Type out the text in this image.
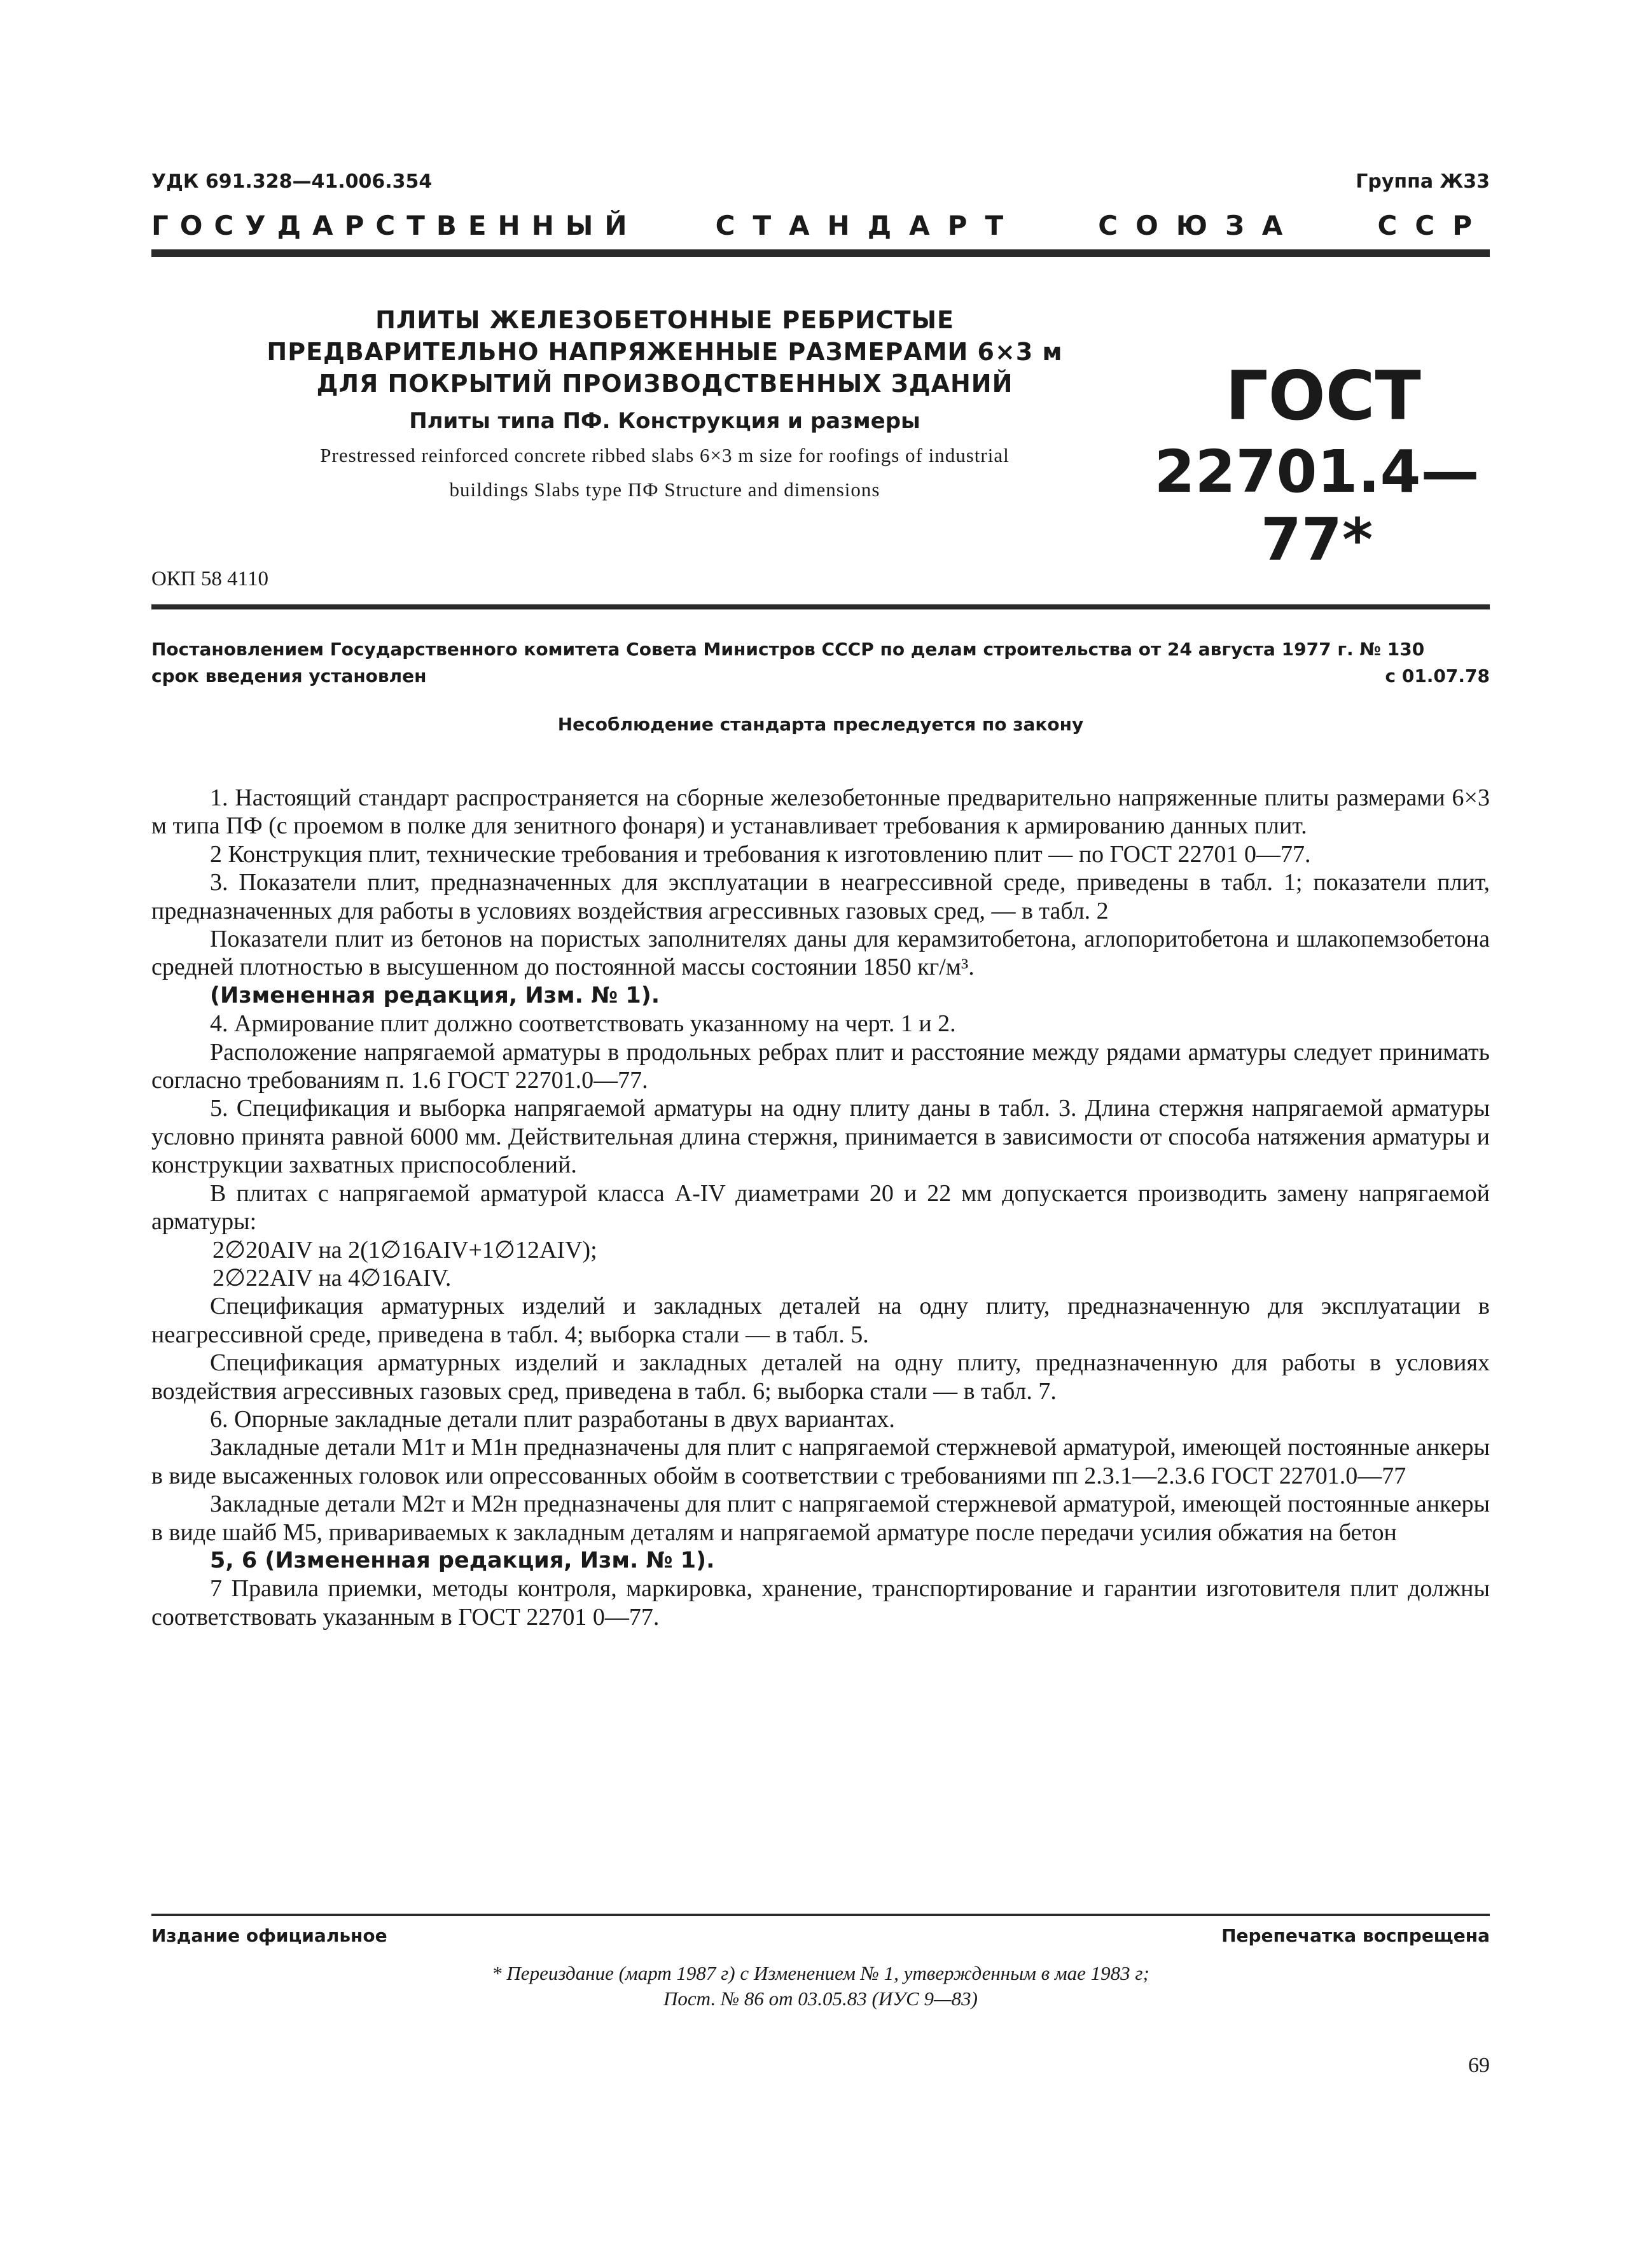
УДК 691.328—41.006.354	Группа Ж33
ГОСУДАРСТВЕННЫЙ	СТАНДАРТ	СОЮЗА	ССР
ПЛИТЫ ЖЕЛЕЗОБЕТОННЫЕ РЕБРИСТЫЕ
ПРЕДВАРИТЕЛЬНО НАПРЯЖЕННЫЕ РАЗМЕРАМИ 6×3 м
ДЛЯ ПОКРЫТИЙ ПРОИЗВОДСТВЕННЫХ ЗДАНИЙ
Плиты типа ПФ. Конструкция и размеры
Prestressed reinforced concrete ribbed slabs 6×3 m size for roofings of industrial
buildings Slabs type ПФ Structure and dimensions
ГОСТ
22701.4—77*
ОКП 58 4110
Постановлением Государственного комитета Совета Министров СССР по делам строительства от 24 августа 1977 г. № 130
срок введения установлен	с 01.07.78
Несоблюдение стандарта преследуется по закону

1. Настоящий стандарт распространяется на сборные железобетонные предварительно напряженные плиты размерами 6×3 м типа ПФ (с проемом в полке для зенитного фонаря) и устанавливает требования к армированию данных плит.

2 Конструкция плит, технические требования и требования к изготовлению плит — по ГОСТ 22701 0—77.

3. Показатели плит, предназначенных для эксплуатации в неагрессивной среде, приведены в табл. 1; показатели плит, предназначенных для работы в условиях воздействия агрессивных газовых сред, — в табл. 2

Показатели плит из бетонов на пористых заполнителях даны для керамзитобетона, аглопоритобетона и шлакопемзобетона средней плотностью в высушенном до постоянной массы состоянии 1850 кг/м³.

(Измененная редакция, Изм. № 1).

4. Армирование плит должно соответствовать указанному на черт. 1 и 2.

Расположение напрягаемой арматуры в продольных ребрах плит и расстояние между рядами арматуры следует принимать согласно требованиям п. 1.6 ГОСТ 22701.0—77.

5. Спецификация и выборка напрягаемой арматуры на одну плиту даны в табл. 3. Длина стержня напрягаемой арматуры условно принята равной 6000 мм. Действительная длина стержня, принимается в зависимости от способа натяжения арматуры и конструкции захватных приспособлений.

В плитах с напрягаемой арматурой класса A-IV диаметрами 20 и 22 мм допускается производить замену напрягаемой арматуры:

2∅20AIV на 2(1∅16AIV+1∅12AIV);

2∅22AIV на 4∅16AIV.

Спецификация арматурных изделий и закладных деталей на одну плиту, предназначенную для эксплуатации в неагрессивной среде, приведена в табл. 4; выборка стали — в табл. 5.

Спецификация арматурных изделий и закладных деталей на одну плиту, предназначенную для работы в условиях воздействия агрессивных газовых сред, приведена в табл. 6; выборка стали — в табл. 7.

6. Опорные закладные детали плит разработаны в двух вариантах.

Закладные детали М1т и М1н предназначены для плит с напрягаемой стержневой арматурой, имеющей постоянные анкеры в виде высаженных головок или опрессованных обойм в соответствии с требованиями пп 2.3.1—2.3.6 ГОСТ 22701.0—77

Закладные детали М2т и М2н предназначены для плит с напрягаемой стержневой арматурой, имеющей постоянные анкеры в виде шайб М5, привариваемых к закладным деталям и напрягаемой арматуре после передачи усилия обжатия на бетон

5, 6 (Измененная редакция, Изм. № 1).

7 Правила приемки, методы контроля, маркировка, хранение, транспортирование и гарантии изготовителя плит должны соответствовать указанным в ГОСТ 22701 0—77.

Издание официальное	Перепечатка воспрещена
* Переиздание (март 1987 г) с Изменением № 1, утвержденным в мае 1983 г;
Пост. № 86 от 03.05.83 (ИУС 9—83)
69
